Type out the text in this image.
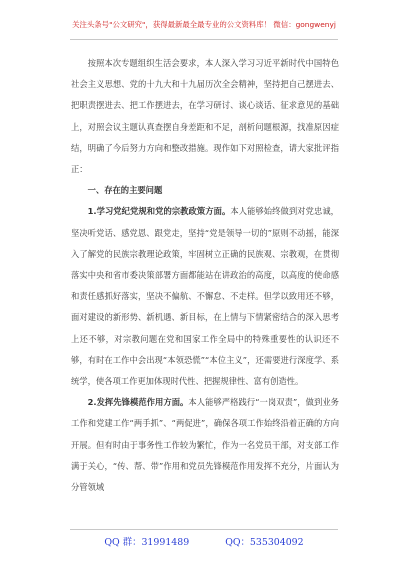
关注头条号"公文研究"，获得最新最全最专业的公文资料库！ 微信：gongwenyj

按照本次专题组织生活会要求，本人深入学习习近平新时代中国特色社会主义思想、党的十九大和十九届历次全会精神，坚持把自己摆进去、把职责摆进去、把工作摆进去，在学习研讨、谈心谈话、征求意见的基础上，对照会议主题认真查摆自身差距和不足，剖析问题根源，找准原因症结，明确了今后努力方向和整改措施。现作如下对照检查，请大家批评指正：

一、存在的主要问题

1.学习党纪党规和党的宗教政策方面。本人能够始终做到对党忠诚，坚决听党话、感党恩、跟党走，坚持“党是领导一切的”原则不动摇，能深入了解党的民族宗教理论政策，牢固树立正确的民族观、宗教观，在贯彻落实中央和省市委决策部署方面都能站在讲政治的高度，以高度的使命感和责任感抓好落实，坚决不偏航、不懈怠、不走样。但学以致用还不够，面对建设的新形势、新机遇、新目标，在上情与下情紧密结合的深入思考上还不够，对宗教问题在党和国家工作全局中的特殊重要性的认识还不够，有时在工作中会出现“本领恐慌”“本位主义”，还需要进行深度学、系统学，使各项工作更加体现时代性、把握规律性、富有创造性。

2.发挥先锋模范作用方面。本人能够严格践行“一岗双责”，做到业务工作和党建工作“两手抓”、“两促进”，确保各项工作始终沿着正确的方向开展。但有时由于事务性工作较为繁忙，作为一名党员干部，对支部工作满于关心，“传、帮、带”作用和党员先锋模范作用发挥不充分，片面认为分管领域

QQ 群：31991489	QQ：535304092
